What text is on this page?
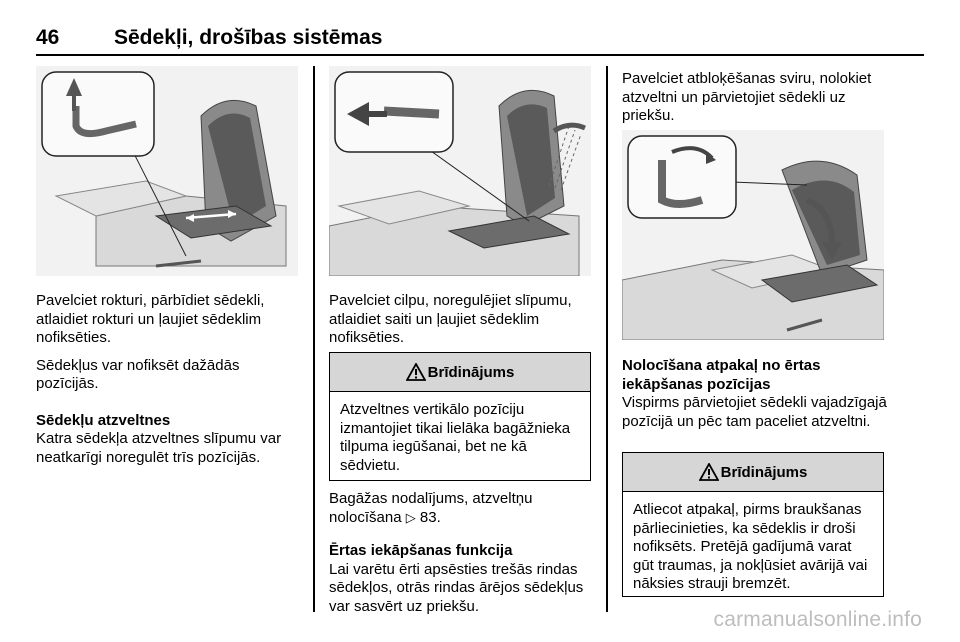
46	Sēdekļi, drošības sistēmas

Pavelciet rokturi, pārbīdiet sēdekli, atlaidiet rokturi un ļaujiet sēdeklim nofiksēties.

Sēdekļus var nofiksēt dažādās pozīcijās.

Sēdekļu atzveltnes
Katra sēdekļa atzveltnes slīpumu var neatkarīgi noregulēt trīs pozīcijās.

Pavelciet cilpu, noregulējiet slīpumu, atlaidiet saiti un ļaujiet sēdeklim nofiksēties.

Brīdinājums
Atzveltnes vertikālo pozīciju izmantojiet tikai lielāka bagāžnieka tilpuma iegūšanai, bet ne kā sēdvietu.

Bagāžas nodalījums, atzveltņu nolocīšana ▷ 83.

Ērtas iekāpšanas funkcija
Lai varētu ērti apsēsties trešās rindas sēdekļos, otrās rindas ārējos sēdekļus var sasvērt uz priekšu.

Pavelciet atbloķēšanas sviru, nolokiet atzveltni un pārvietojiet sēdekli uz priekšu.

Nolocīšana atpakaļ no ērtas iekāpšanas pozīcijas
Vispirms pārvietojiet sēdekli vajadzīgajā pozīcijā un pēc tam paceliet atzveltni.

Brīdinājums
Atliecot atpakaļ, pirms braukšanas pārliecinieties, ka sēdeklis ir droši nofiksēts. Pretējā gadījumā varat gūt traumas, ja nokļūsiet avārijā vai nāksies strauji bremzēt.
carmanualsonline.info
